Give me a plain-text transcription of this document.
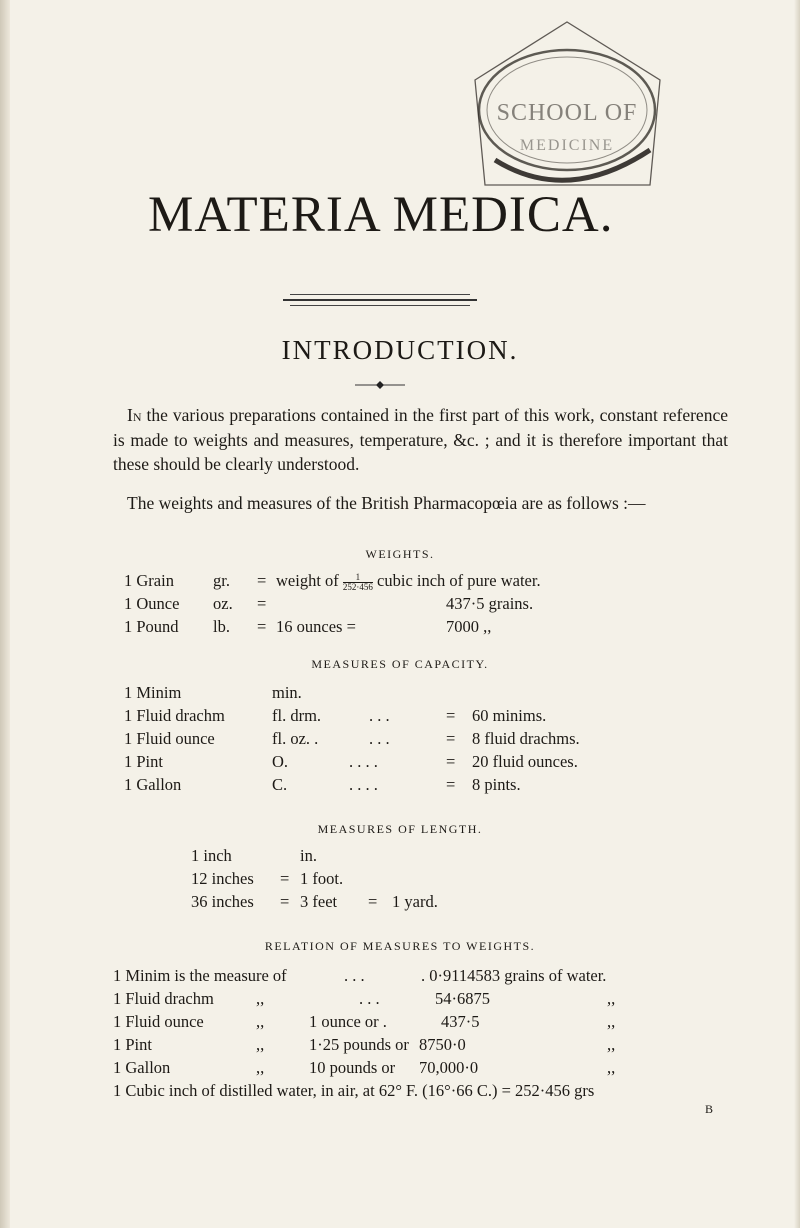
SCHOOL OF
MEDICINE
MATERIA MEDICA.
INTRODUCTION.
In the various preparations contained in the first part of this work, constant reference is made to weights and measures, temperature, &c. ; and it is therefore important that these should be clearly understood.
The weights and measures of the British Pharmacopœia are as follows :—
WEIGHTS.
1 Grain gr. = weight of $\frac{1}{252\cdot 456}$ cubic inch of pure water.
1 Ounce oz. =	437·5 grains.
1 Pound lb. = 16 ounces =	7000 ,,
MEASURES OF CAPACITY.
1 Minim	min.
1 Fluid drachm	fl. drm.	. . .	= 60 minims.
1 Fluid ounce	fl. oz. .	. . .	= 8 fluid drachms.
1 Pint	O.	. . . .	= 20 fluid ounces.
1 Gallon	C.	. . . .	= 8 pints.
MEASURES OF LENGTH.
1 inch	in.
12 inches = 1 foot.
36 inches = 3 feet = 1 yard.
RELATION OF MEASURES TO WEIGHTS.
1 Minim is the measure of	. . .	. 0·9114583 grains of water.
1 Fluid drachm	,,	. . .	54·6875	,,
1 Fluid ounce	,,	1 ounce or .	437·5	,,
1 Pint	,,	1·25 pounds or 8750·0	,,
1 Gallon	,,	10 pounds or 70,000·0	,,
1 Cubic inch of distilled water, in air, at 62° F. (16°·66 C.) = 252·456 grs
B
